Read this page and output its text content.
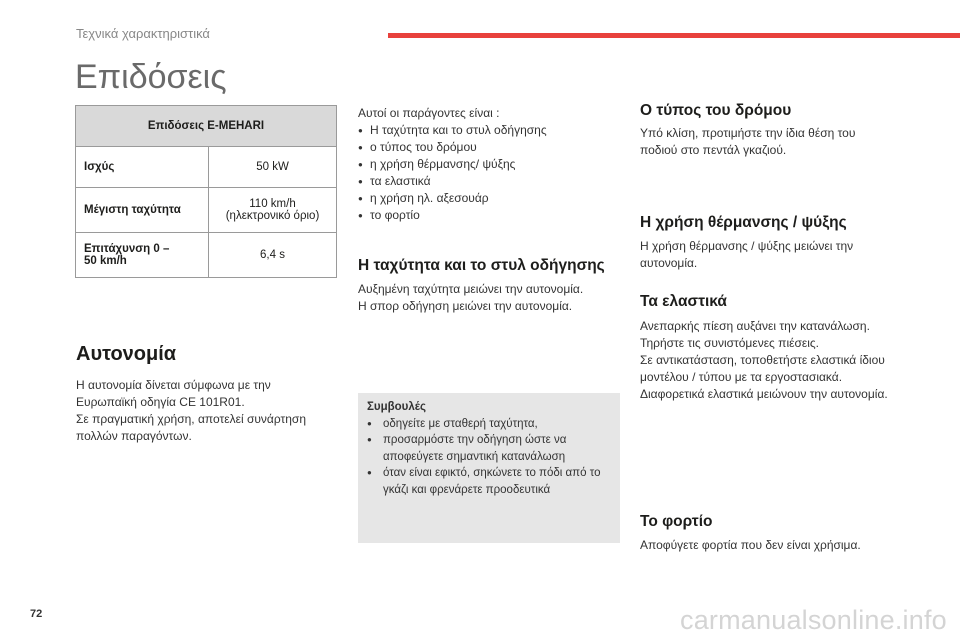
Τεχνικά χαρακτηριστικά
Επιδόσεις
Επιδόσεις E-MEHARI	
Ισχύς	50 kW
Μέγιστη ταχύτητα	110 km/h
(ηλεκτρονικό όριο)

Επιτάχυνση 0 –
50 km/h	6,4 s
Αυτονομία
Η αυτονομία δίνεται σύμφωνα με την
Ευρωπαϊκή οδηγία CE 101R01.
Σε πραγματική χρήση, αποτελεί συνάρτηση
πολλών παραγόντων.
Αυτοί οι παράγοντες είναι :
● Η ταχύτητα και το στυλ οδήγησης
● ο τύπος του δρόμου
● η χρήση θέρμανσης/ ψύξης
● τα ελαστικά
● η χρήση ηλ. αξεσουάρ
● το φορτίο
Η ταχύτητα και το στυλ οδήγησης
Αυξημένη ταχύτητα μειώνει την αυτονομία.
Η σπορ οδήγηση μειώνει την αυτονομία.
Συμβουλές
● οδηγείτε με σταθερή ταχύτητα,
● προσαρμόστε την οδήγηση ώστε να αποφεύγετε σημαντική κατανάλωση
● όταν είναι εφικτό, σηκώνετε το πόδι από το γκάζι και φρενάρετε προοδευτικά
Ο τύπος του δρόμου
Υπό κλίση, προτιμήστε την ίδια θέση του
ποδιού στο πεντάλ γκαζιού.
Η χρήση θέρμανσης / ψύξης
Η χρήση θέρμανσης / ψύξης μειώνει την
αυτονομία.
Τα ελαστικά
Ανεπαρκής πίεση αυξάνει την κατανάλωση.
Τηρήστε τις συνιστόμενες πιέσεις.
Σε αντικατάσταση, τοποθετήστε ελαστικά ίδιου
μοντέλου / τύπου με τα εργοστασιακά.
Διαφορετικά ελαστικά μειώνουν την αυτονομία.
Το φορτίο
Αποφύγετε φορτία που δεν είναι χρήσιμα.
72	carmanualsonline.info
